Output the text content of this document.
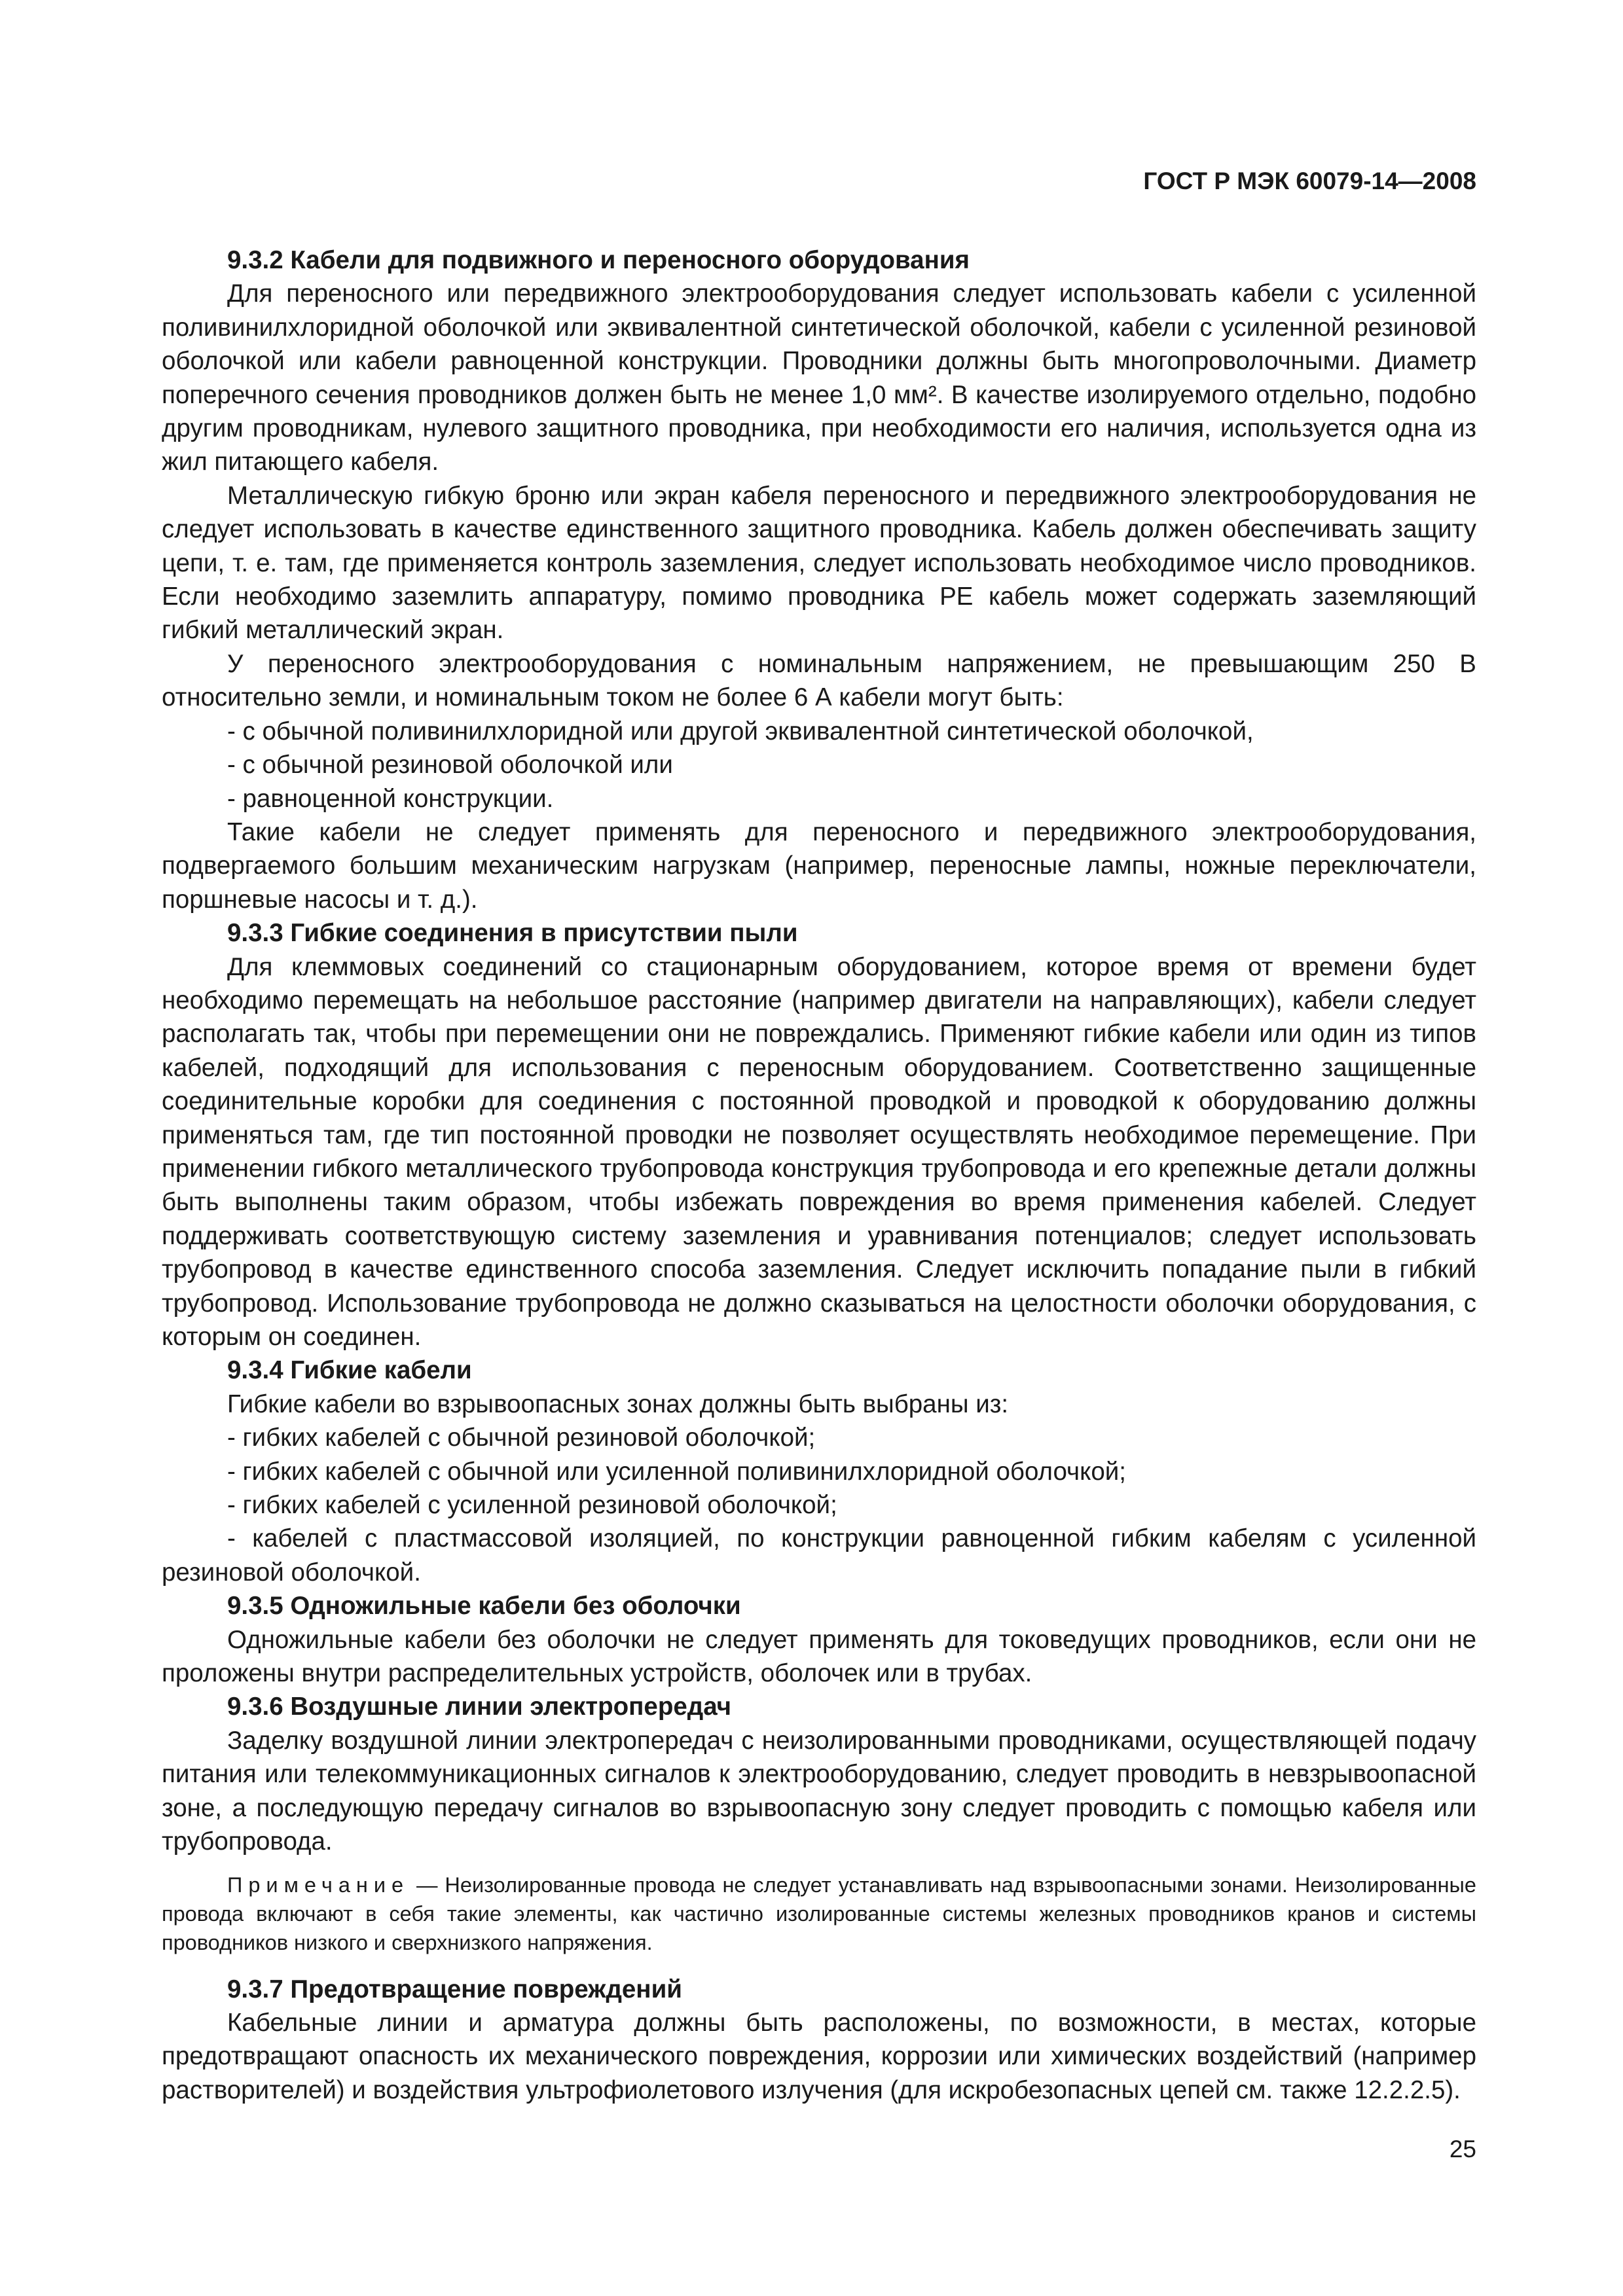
ГОСТ Р МЭК 60079-14—2008

9.3.2 Кабели для подвижного и переносного оборудования

Для переносного или передвижного электрооборудования следует использовать кабели с усиленной поливинилхлоридной оболочкой или эквивалентной синтетической оболочкой, кабели с усиленной резиновой оболочкой или кабели равноценной конструкции. Проводники должны быть многопроволочными. Диаметр поперечного сечения проводников должен быть не менее 1,0 мм². В качестве изолируемого отдельно, подобно другим проводникам, нулевого защитного проводника, при необходимости его наличия, используется одна из жил питающего кабеля.

Металлическую гибкую броню или экран кабеля переносного и передвижного электрооборудования не следует использовать в качестве единственного защитного проводника. Кабель должен обеспечивать защиту цепи, т. е. там, где применяется контроль заземления, следует использовать необходимое число проводников. Если необходимо заземлить аппаратуру, помимо проводника PE кабель может содержать заземляющий гибкий металлический экран.

У переносного электрооборудования с номинальным напряжением, не превышающим 250 В относительно земли, и номинальным током не более 6 А кабели могут быть:

- с обычной поливинилхлоридной или другой эквивалентной синтетической оболочкой,

- с обычной резиновой оболочкой или

- равноценной конструкции.

Такие кабели не следует применять для переносного и передвижного электрооборудования, подвергаемого большим механическим нагрузкам (например, переносные лампы, ножные переключатели, поршневые насосы и т. д.).

9.3.3 Гибкие соединения в присутствии пыли

Для клеммовых соединений со стационарным оборудованием, которое время от времени будет необходимо перемещать на небольшое расстояние (например двигатели на направляющих), кабели следует располагать так, чтобы при перемещении они не повреждались. Применяют гибкие кабели или один из типов кабелей, подходящий для использования с переносным оборудованием. Соответственно защищенные соединительные коробки для соединения с постоянной проводкой и проводкой к оборудованию должны применяться там, где тип постоянной проводки не позволяет осуществлять необходимое перемещение. При применении гибкого металлического трубопровода конструкция трубопровода и его крепежные детали должны быть выполнены таким образом, чтобы избежать повреждения во время применения кабелей. Следует поддерживать соответствующую систему заземления и уравнивания потенциалов; следует использовать трубопровод в качестве единственного способа заземления. Следует исключить попадание пыли в гибкий трубопровод. Использование трубопровода не должно сказываться на целостности оболочки оборудования, с которым он соединен.

9.3.4 Гибкие кабели

Гибкие кабели во взрывоопасных зонах должны быть выбраны из:

- гибких кабелей с обычной резиновой оболочкой;

- гибких кабелей с обычной или усиленной поливинилхлоридной оболочкой;

- гибких кабелей с усиленной резиновой оболочкой;

- кабелей с пластмассовой изоляцией, по конструкции равноценной гибким кабелям с усиленной резиновой оболочкой.

9.3.5 Одножильные кабели без оболочки

Одножильные кабели без оболочки не следует применять для токоведущих проводников, если они не проложены внутри распределительных устройств, оболочек или в трубах.

9.3.6 Воздушные линии электропередач

Заделку воздушной линии электропередач с неизолированными проводниками, осуществляющей подачу питания или телекоммуникационных сигналов к электрооборудованию, следует проводить в невзрывоопасной зоне, а последующую передачу сигналов во взрывоопасную зону следует проводить с помощью кабеля или трубопровода.

Примечание — Неизолированные провода не следует устанавливать над взрывоопасными зонами. Неизолированные провода включают в себя такие элементы, как частично изолированные системы железных проводников кранов и системы проводников низкого и сверхнизкого напряжения.

9.3.7 Предотвращение повреждений

Кабельные линии и арматура должны быть расположены, по возможности, в местах, которые предотвращают опасность их механического повреждения, коррозии или химических воздействий (например растворителей) и воздействия ультрофиолетового излучения (для искробезопасных цепей см. также 12.2.2.5).

25
